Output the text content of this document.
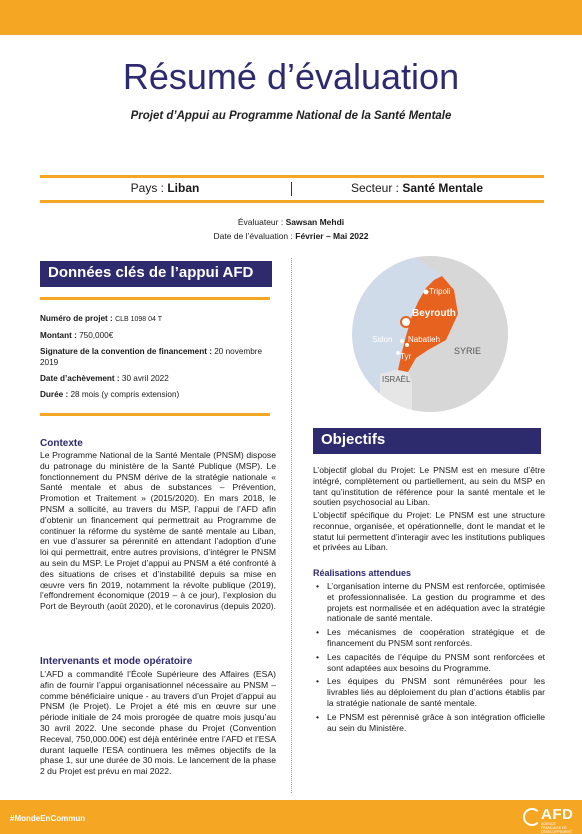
Résumé d’évaluation
Projet d’Appui au Programme National de la Santé Mentale
Pays : Liban	Secteur : Santé Mentale
Évaluateur : Sawsan Mehdi
Date de l’évaluation : Février – Mai 2022
Données clés de l’appui AFD

Numéro de projet : CLB 1098 04 T

Montant : 750,000€

Signature de la convention de financement : 20 novembre 2019

Date d’achèvement : 30 avril 2022

Durée : 28 mois (y compris extension)

Contexte
Le Programme National de la Santé Mentale (PNSM) dispose du patronage du ministère de la Santé Publique (MSP). Le fonctionnement du PNSM dérive de la stratégie nationale « Santé mentale et abus de substances – Prévention, Promotion et Traitement » (2015/2020). En mars 2018, le PNSM a sollicité, au travers du MSP, l’appui de l’AFD afin d’obtenir un financement qui permettrait au Programme de continuer la réforme du système de santé mentale au Liban, en vue d’assurer sa pérennité en attendant l’adoption d’une loi qui permettrait, entre autres provisions, d’intégrer le PNSM au sein du MSP. Le Projet d’appui au PNSM a été confronté à des situations de crises et d’instabilité depuis sa mise en œuvre vers fin 2019, notamment la révolte publique (2019), l’effondrement économique (2019 – à ce jour), l’explosion du Port de Beyrouth (août 2020), et le coronavirus (depuis 2020).
Intervenants et mode opératoire
L’AFD a commandité l’École Supérieure des Affaires (ESA) afin de fournir l’appui organisationnel nécessaire au PNSM – comme bénéficiaire unique - au travers d’un Projet d’appui au PNSM (le Projet). Le Projet a été mis en œuvre sur une période initiale de 24 mois prorogée de quatre mois jusqu’au 30 avril 2022. Une seconde phase du Projet (Convention Receval, 750,000.00€) est déjà entérinée entre l’AFD et l’ESA durant laquelle l’ESA continuera les mêmes objectifs de la phase 1, sur une durée de 30 mois. Le lancement de la phase 2 du Projet est prévu en mai 2022.
Tripoli
Beyrouth
Sidon Nabatieh
Tyr
SYRIE
ISRAËL
Objectifs
L’objectif global du Projet: Le PNSM est en mesure d’être intégré, complètement ou partiellement, au sein du MSP en tant qu’institution de référence pour la santé mentale et le soutien psychosocial au Liban.
L’objectif spécifique du Projet: Le PNSM est une structure reconnue, organisée, et opérationnelle, dont le mandat et le statut lui permettent d’interagir avec les institutions publiques et privées au Liban.
Réalisations attendues
• L’organisation interne du PNSM est renforcée, optimisée et professionnalisée. La gestion du programme et des projets est normalisée et en adéquation avec la stratégie nationale de santé mentale.
• Les mécanismes de coopération stratégique et de financement du PNSM sont renforcés.
• Les capacités de l’équipe du PNSM sont renforcées et sont adaptées aux besoins du Programme.
• Les équipes du PNSM sont rémunérées pour les livrables liés au déploiement du plan d’actions établis par la stratégie nationale de santé mentale.
• Le PNSM est pérennisé grâce à son intégration officielle au sein du Ministère.
#MondeEnCommun	AFD
AGENCE FRANÇAISE DE DÉVELOPPEMENT
